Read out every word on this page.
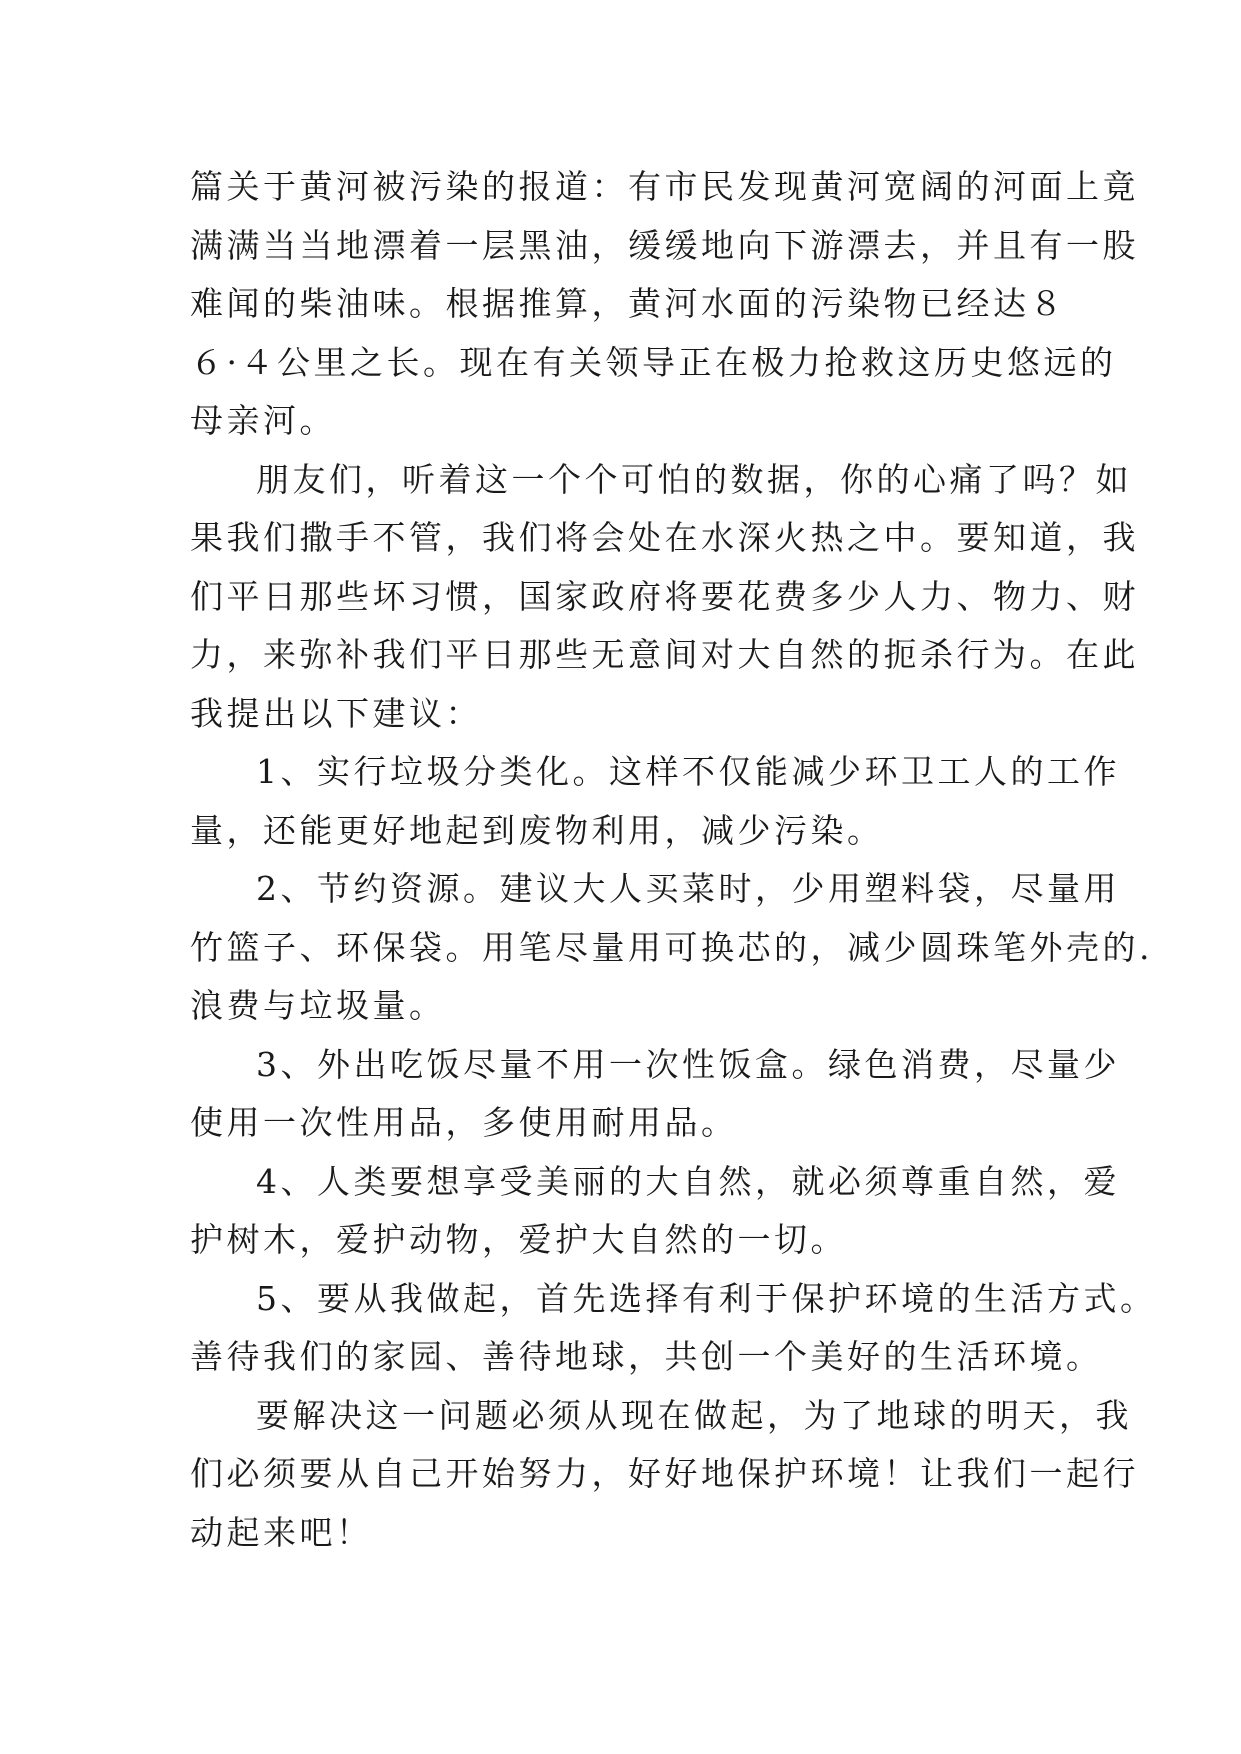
篇关于黄河被污染的报道：有市民发现黄河宽阔的河面上竟
满满当当地漂着一层黑油，缓缓地向下游漂去，并且有一股
难闻的柴油味。根据推算，黄河水面的污染物已经达８
６·４公里之长。现在有关领导正在极力抢救这历史悠远的
母亲河。
朋友们，听着这一个个可怕的数据，你的心痛了吗？如
果我们撒手不管，我们将会处在水深火热之中。要知道，我
们平日那些坏习惯，国家政府将要花费多少人力、物力、财
力，来弥补我们平日那些无意间对大自然的扼杀行为。在此
我提出以下建议：
1、实行垃圾分类化。这样不仅能减少环卫工人的工作
量，还能更好地起到废物利用，减少污染。
2、节约资源。建议大人买菜时，少用塑料袋，尽量用
竹篮子、环保袋。用笔尽量用可换芯的，减少圆珠笔外壳的.
浪费与垃圾量。
3、外出吃饭尽量不用一次性饭盒。绿色消费，尽量少
使用一次性用品，多使用耐用品。
4、人类要想享受美丽的大自然，就必须尊重自然，爱
护树木，爱护动物，爱护大自然的一切。
5、要从我做起，首先选择有利于保护环境的生活方式。
善待我们的家园、善待地球，共创一个美好的生活环境。
要解决这一问题必须从现在做起，为了地球的明天，我
们必须要从自己开始努力，好好地保护环境！让我们一起行
动起来吧！
